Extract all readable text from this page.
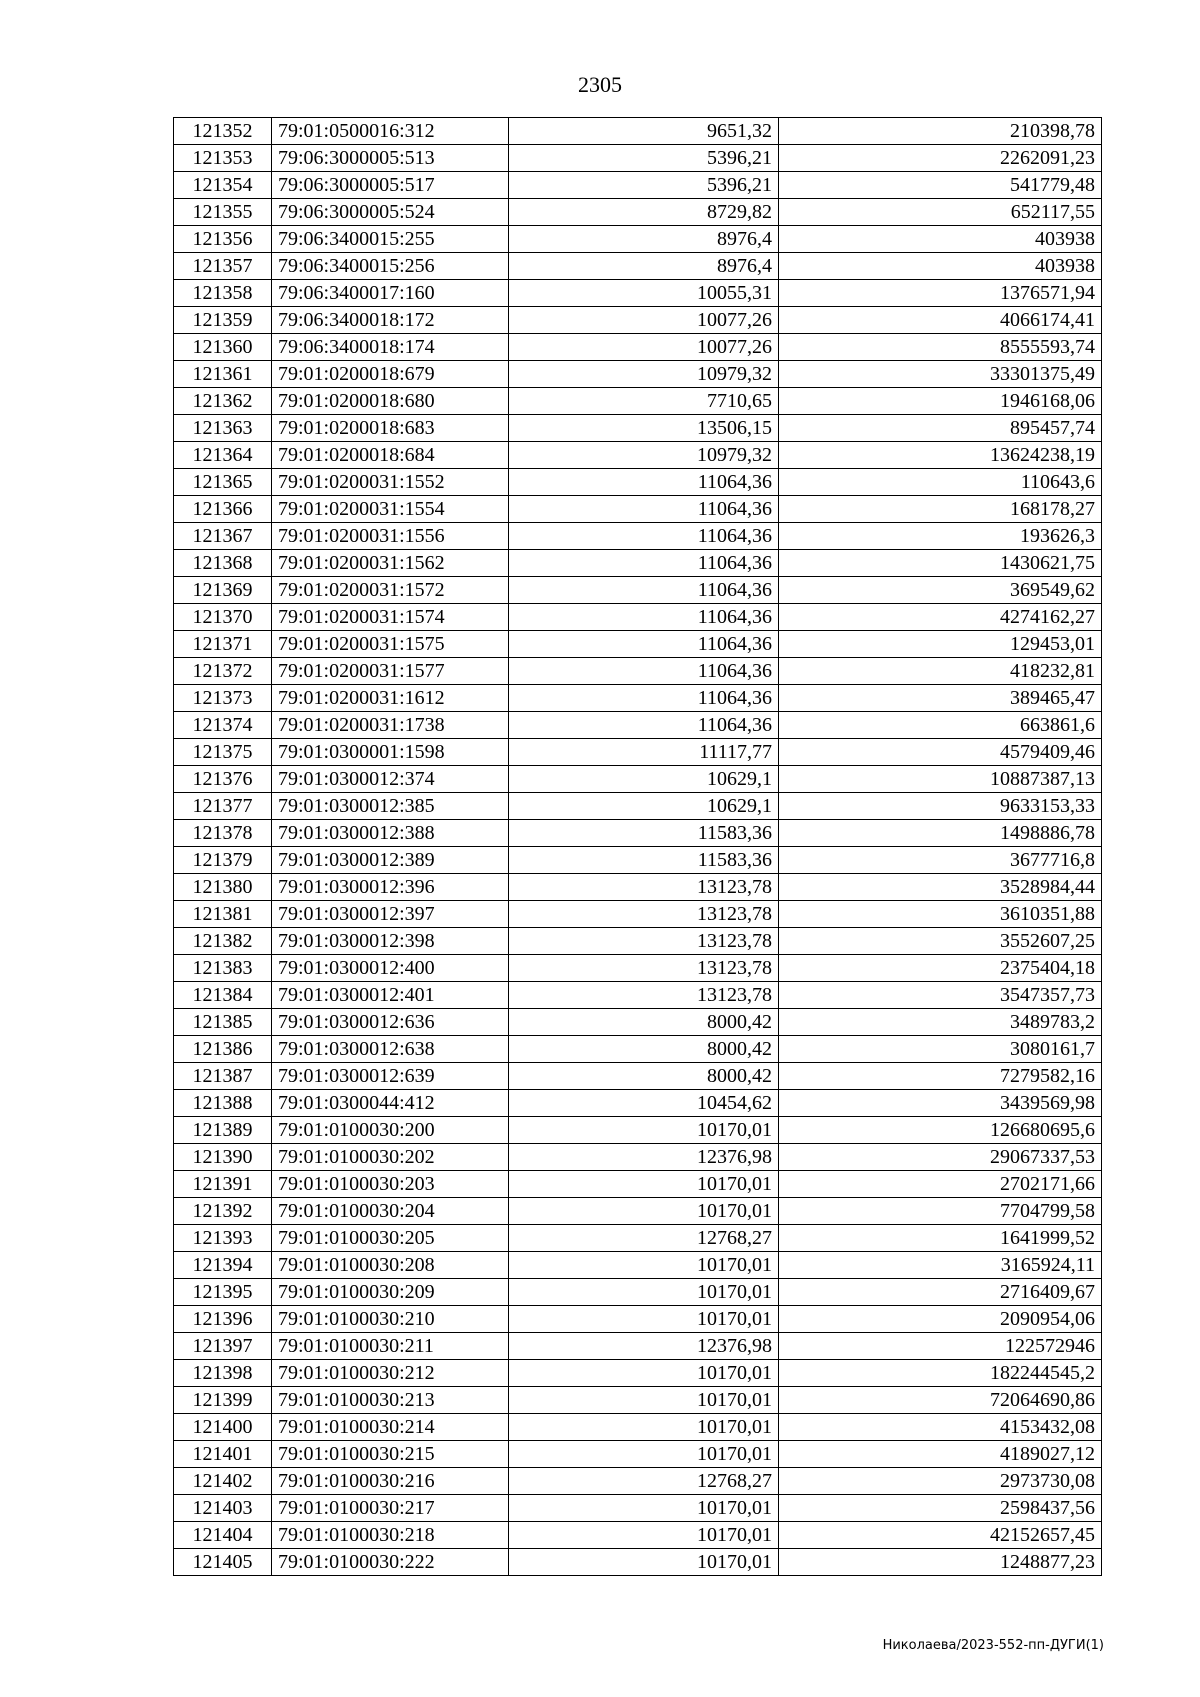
2305
121352	79:01:0500016:312	9651,32	210398,78
121353	79:06:3000005:513	5396,21	2262091,23
121354	79:06:3000005:517	5396,21	541779,48
121355	79:06:3000005:524	8729,82	652117,55
121356	79:06:3400015:255	8976,4	403938
121357	79:06:3400015:256	8976,4	403938
121358	79:06:3400017:160	10055,31	1376571,94
121359	79:06:3400018:172	10077,26	4066174,41
121360	79:06:3400018:174	10077,26	8555593,74
121361	79:01:0200018:679	10979,32	33301375,49
121362	79:01:0200018:680	7710,65	1946168,06
121363	79:01:0200018:683	13506,15	895457,74
121364	79:01:0200018:684	10979,32	13624238,19
121365	79:01:0200031:1552	11064,36	110643,6
121366	79:01:0200031:1554	11064,36	168178,27
121367	79:01:0200031:1556	11064,36	193626,3
121368	79:01:0200031:1562	11064,36	1430621,75
121369	79:01:0200031:1572	11064,36	369549,62
121370	79:01:0200031:1574	11064,36	4274162,27
121371	79:01:0200031:1575	11064,36	129453,01
121372	79:01:0200031:1577	11064,36	418232,81
121373	79:01:0200031:1612	11064,36	389465,47
121374	79:01:0200031:1738	11064,36	663861,6
121375	79:01:0300001:1598	11117,77	4579409,46
121376	79:01:0300012:374	10629,1	10887387,13
121377	79:01:0300012:385	10629,1	9633153,33
121378	79:01:0300012:388	11583,36	1498886,78
121379	79:01:0300012:389	11583,36	3677716,8
121380	79:01:0300012:396	13123,78	3528984,44
121381	79:01:0300012:397	13123,78	3610351,88
121382	79:01:0300012:398	13123,78	3552607,25
121383	79:01:0300012:400	13123,78	2375404,18
121384	79:01:0300012:401	13123,78	3547357,73
121385	79:01:0300012:636	8000,42	3489783,2
121386	79:01:0300012:638	8000,42	3080161,7
121387	79:01:0300012:639	8000,42	7279582,16
121388	79:01:0300044:412	10454,62	3439569,98
121389	79:01:0100030:200	10170,01	126680695,6
121390	79:01:0100030:202	12376,98	29067337,53
121391	79:01:0100030:203	10170,01	2702171,66
121392	79:01:0100030:204	10170,01	7704799,58
121393	79:01:0100030:205	12768,27	1641999,52
121394	79:01:0100030:208	10170,01	3165924,11
121395	79:01:0100030:209	10170,01	2716409,67
121396	79:01:0100030:210	10170,01	2090954,06
121397	79:01:0100030:211	12376,98	122572946
121398	79:01:0100030:212	10170,01	182244545,2
121399	79:01:0100030:213	10170,01	72064690,86
121400	79:01:0100030:214	10170,01	4153432,08
121401	79:01:0100030:215	10170,01	4189027,12
121402	79:01:0100030:216	12768,27	2973730,08
121403	79:01:0100030:217	10170,01	2598437,56
121404	79:01:0100030:218	10170,01	42152657,45
121405	79:01:0100030:222	10170,01	1248877,23
Николаева/2023-552-пп-ДУГИ(1)
